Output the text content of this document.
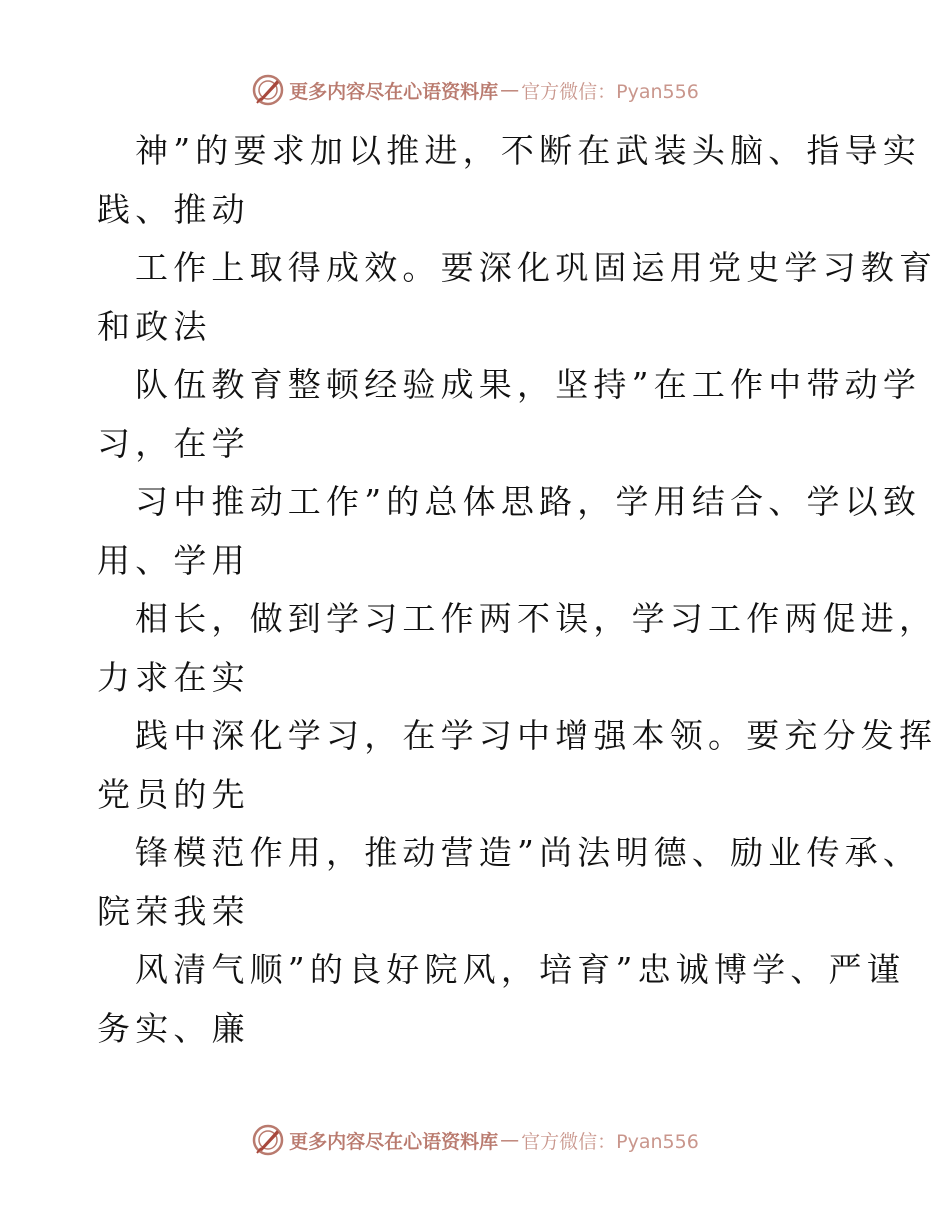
更多内容尽在心语资料库 — 官方微信：Pyan556
神”的要求加以推进，不断在武装头脑、指导实
践、推动
工作上取得成效。要深化巩固运用党史学习教育
和政法
队伍教育整顿经验成果，坚持”在工作中带动学
习，在学
习中推动工作”的总体思路，学用结合、学以致
用、学用
相长，做到学习工作两不误，学习工作两促进，
力求在实
践中深化学习，在学习中增强本领。要充分发挥
党员的先
锋模范作用，推动营造”尚法明德、励业传承、
院荣我荣
风清气顺”的良好院风，培育”忠诚博学、严谨
务实、廉
更多内容尽在心语资料库 — 官方微信：Pyan556
